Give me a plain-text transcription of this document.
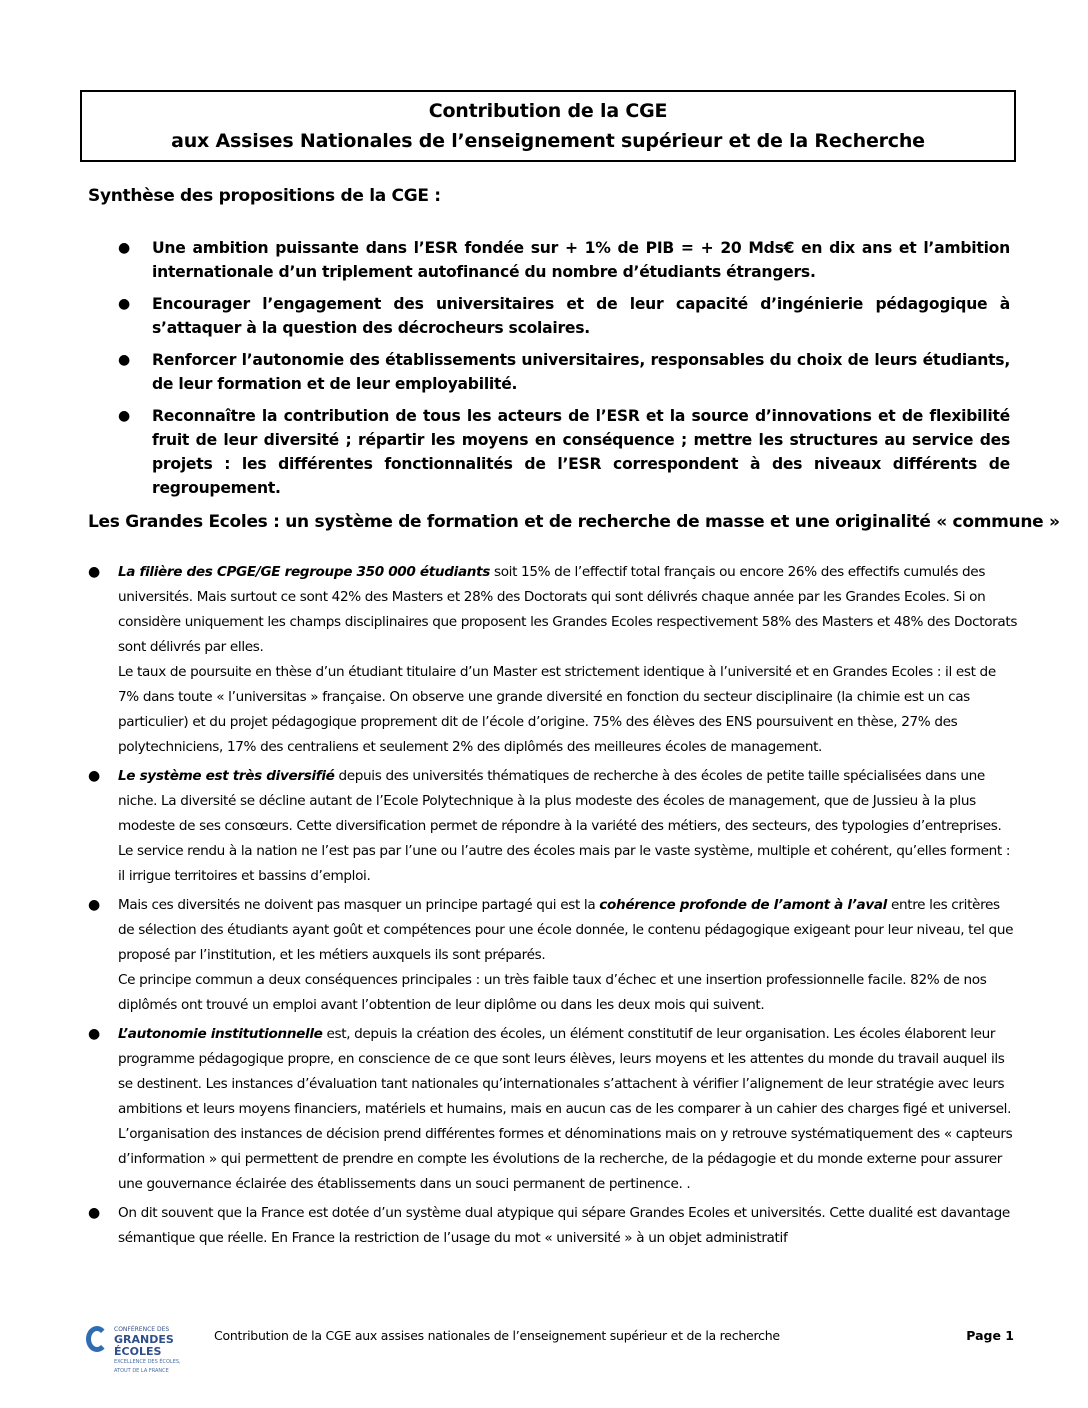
Contribution de la CGE
aux Assises Nationales de l’enseignement supérieur et de la Recherche
Synthèse des propositions de la CGE :
● Une ambition puissante dans l’ESR fondée sur + 1% de PIB = + 20 Mds€ en dix ans et l’ambition internationale d’un triplement autofinancé du nombre d’étudiants étrangers.
● Encourager l’engagement des universitaires et de leur capacité d’ingénierie pédagogique à s’attaquer à la question des décrocheurs scolaires.
● Renforcer l’autonomie des établissements universitaires, responsables du choix de leurs étudiants, de leur formation et de leur employabilité.
● Reconnaître la contribution de tous les acteurs de l’ESR et la source d’innovations et de flexibilité fruit de leur diversité ; répartir les moyens en conséquence ; mettre les structures au service des projets : les différentes fonctionnalités de l’ESR correspondent à des niveaux différents de regroupement.
Les Grandes Ecoles : un système de formation et de recherche de masse et une originalité « commune »
● La filière des CPGE/GE regroupe 350 000 étudiants soit 15% de l’effectif total français ou encore 26% des effectifs cumulés des universités. Mais surtout ce sont 42% des Masters et 28% des Doctorats qui sont délivrés chaque année par les Grandes Ecoles. Si on considère uniquement les champs disciplinaires que proposent les Grandes Ecoles respectivement 58% des Masters et 48% des Doctorats sont délivrés par elles.

Le taux de poursuite en thèse d’un étudiant titulaire d’un Master est strictement identique à l’université et en Grandes Ecoles : il est de 7% dans toute « l’universitas » française. On observe une grande diversité en fonction du secteur disciplinaire (la chimie est un cas particulier) et du projet pédagogique proprement dit de l’école d’origine. 75% des élèves des ENS poursuivent en thèse, 27% des polytechniciens, 17% des centraliens et seulement 2% des diplômés des meilleures écoles de management.

● Le système est très diversifié depuis des universités thématiques de recherche à des écoles de petite taille spécialisées dans une niche. La diversité se décline autant de l’Ecole Polytechnique à la plus modeste des écoles de management, que de Jussieu à la plus modeste de ses consœurs. Cette diversification permet de répondre à la variété des métiers, des secteurs, des typologies d’entreprises. Le service rendu à la nation ne l’est pas par l’une ou l’autre des écoles mais par le vaste système, multiple et cohérent, qu’elles forment : il irrigue territoires et bassins d’emploi.

● Mais ces diversités ne doivent pas masquer un principe partagé qui est la cohérence profonde de l’amont à l’aval entre les critères de sélection des étudiants ayant goût et compétences pour une école donnée, le contenu pédagogique exigeant pour leur niveau, tel que proposé par l’institution, et les métiers auxquels ils sont préparés.

Ce principe commun a deux conséquences principales : un très faible taux d’échec et une insertion professionnelle facile. 82% de nos diplômés ont trouvé un emploi avant l’obtention de leur diplôme ou dans les deux mois qui suivent.

● L’autonomie institutionnelle est, depuis la création des écoles, un élément constitutif de leur organisation. Les écoles élaborent leur programme pédagogique propre, en conscience de ce que sont leurs élèves, leurs moyens et les attentes du monde du travail auquel ils se destinent. Les instances d’évaluation tant nationales qu’internationales s’attachent à vérifier l’alignement de leur stratégie avec leurs ambitions et leurs moyens financiers, matériels et humains, mais en aucun cas de les comparer à un cahier des charges figé et universel.

L’organisation des instances de décision prend différentes formes et dénominations mais on y retrouve systématiquement des « capteurs d’information » qui permettent de prendre en compte les évolutions de la recherche, de la pédagogie et du monde externe pour assurer une gouvernance éclairée des établissements dans un souci permanent de pertinence. .

● On dit souvent que la France est dotée d’un système dual atypique qui sépare Grandes Ecoles et universités. Cette dualité est davantage sémantique que réelle. En France la restriction de l’usage du mot « université » à un objet administratif

CONFÉRENCE DES
GRANDES
ÉCOLES
EXCELLENCE DES ÉCOLES, ATOUT DE LA FRANCE
Contribution de la CGE aux assises nationales de l’enseignement supérieur et de la recherche	Page 1
